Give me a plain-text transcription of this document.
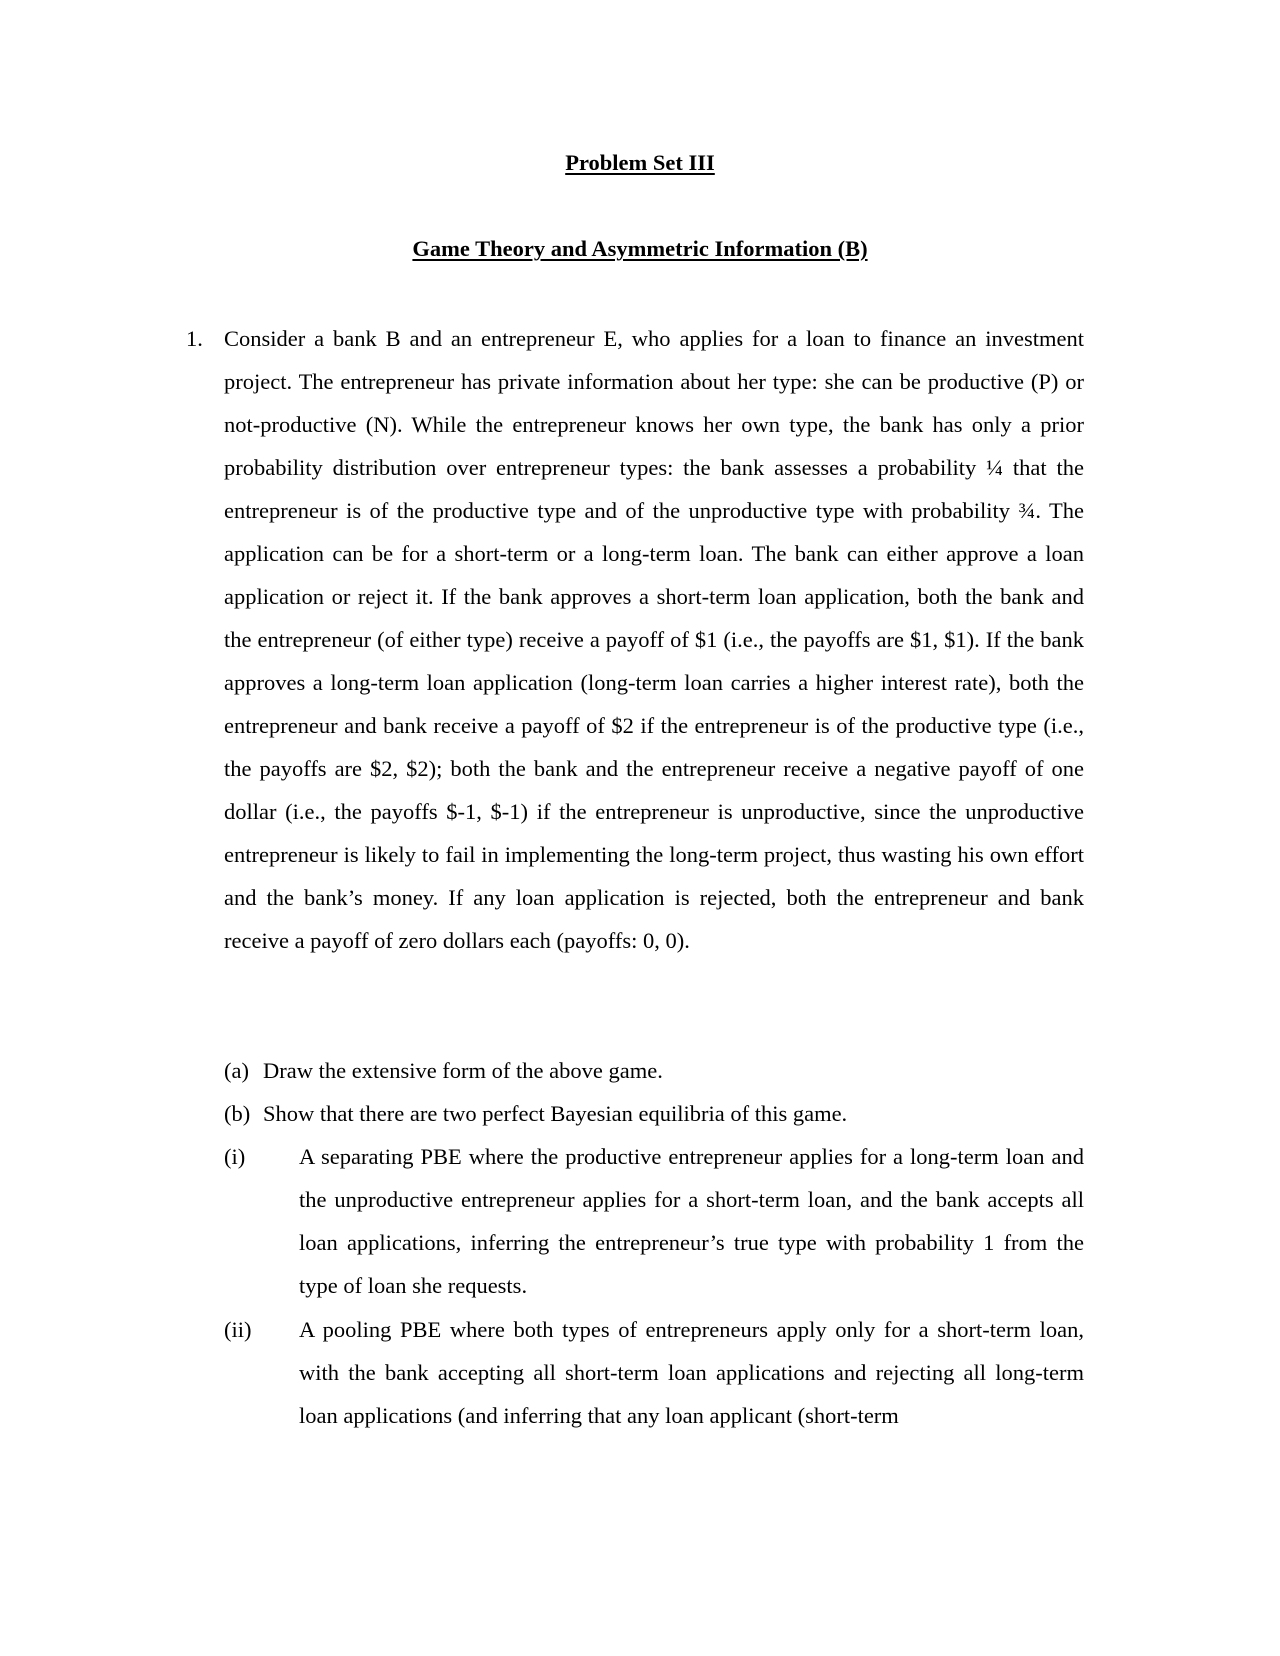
Problem Set III
Game Theory and Asymmetric Information (B)
1. Consider a bank B and an entrepreneur E, who applies for a loan to finance an investment project. The entrepreneur has private information about her type: she can be productive (P) or not-productive (N). While the entrepreneur knows her own type, the bank has only a prior probability distribution over entrepreneur types: the bank assesses a probability ¼ that the entrepreneur is of the productive type and of the unproductive type with probability ¾. The application can be for a short-term or a long-term loan. The bank can either approve a loan application or reject it. If the bank approves a short-term loan application, both the bank and the entrepreneur (of either type) receive a payoff of $1 (i.e., the payoffs are $1, $1). If the bank approves a long-term loan application (long-term loan carries a higher interest rate), both the entrepreneur and bank receive a payoff of $2 if the entrepreneur is of the productive type (i.e., the payoffs are $2, $2); both the bank and the entrepreneur receive a negative payoff of one dollar (i.e., the payoffs $-1, $-1) if the entrepreneur is unproductive, since the unproductive entrepreneur is likely to fail in implementing the long-term project, thus wasting his own effort and the bank’s money. If any loan application is rejected, both the entrepreneur and bank receive a payoff of zero dollars each (payoffs: 0, 0).

(a) Draw the extensive form of the above game.

(b) Show that there are two perfect Bayesian equilibria of this game.

(i) A separating PBE where the productive entrepreneur applies for a long-term loan and the unproductive entrepreneur applies for a short-term loan, and the bank accepts all loan applications, inferring the entrepreneur’s true type with probability 1 from the type of loan she requests.

(ii) A pooling PBE where both types of entrepreneurs apply only for a short-term loan, with the bank accepting all short-term loan applications and rejecting all long-term loan applications (and inferring that any loan applicant (short-term
